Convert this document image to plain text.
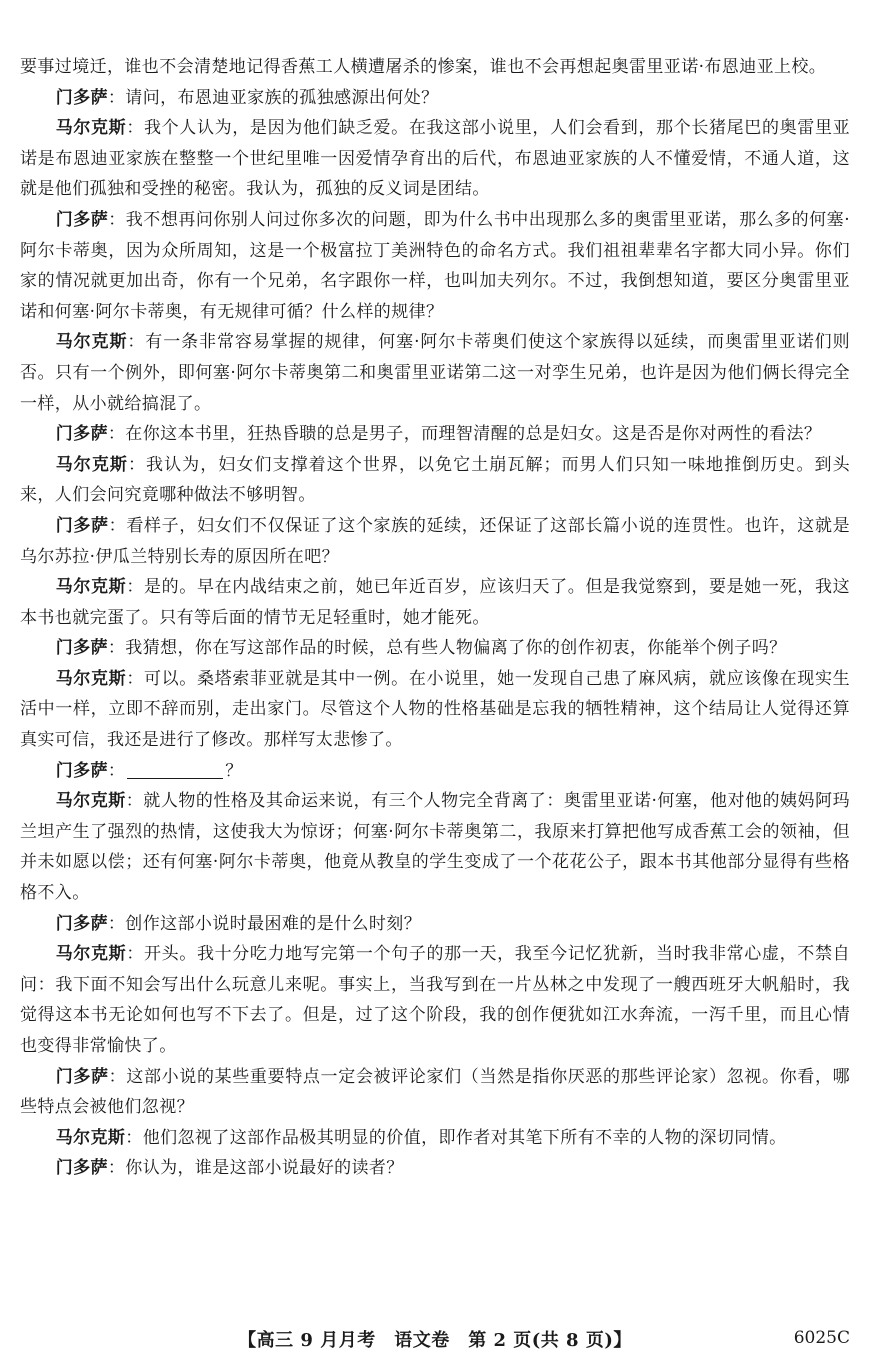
要事过境迁，谁也不会清楚地记得香蕉工人横遭屠杀的惨案，谁也不会再想起奥雷里亚诺·布恩迪亚上校。

门多萨：请问，布恩迪亚家族的孤独感源出何处？

马尔克斯：我个人认为，是因为他们缺乏爱。在我这部小说里，人们会看到，那个长猪尾巴的奥雷里亚诺是布恩迪亚家族在整整一个世纪里唯一因爱情孕育出的后代，布恩迪亚家族的人不懂爱情，不通人道，这就是他们孤独和受挫的秘密。我认为，孤独的反义词是团结。

门多萨：我不想再问你别人问过你多次的问题，即为什么书中出现那么多的奥雷里亚诺，那么多的何塞·阿尔卡蒂奥，因为众所周知，这是一个极富拉丁美洲特色的命名方式。我们祖祖辈辈名字都大同小异。你们家的情况就更加出奇，你有一个兄弟，名字跟你一样，也叫加夫列尔。不过，我倒想知道，要区分奥雷里亚诺和何塞·阿尔卡蒂奥，有无规律可循？什么样的规律？

马尔克斯：有一条非常容易掌握的规律，何塞·阿尔卡蒂奥们使这个家族得以延续，而奥雷里亚诺们则否。只有一个例外，即何塞·阿尔卡蒂奥第二和奥雷里亚诺第二这一对孪生兄弟，也许是因为他们俩长得完全一样，从小就给搞混了。

门多萨：在你这本书里，狂热昏聩的总是男子，而理智清醒的总是妇女。这是否是你对两性的看法？

马尔克斯：我认为，妇女们支撑着这个世界，以免它土崩瓦解；而男人们只知一味地推倒历史。到头来，人们会问究竟哪种做法不够明智。

门多萨：看样子，妇女们不仅保证了这个家族的延续，还保证了这部长篇小说的连贯性。也许，这就是乌尔苏拉·伊瓜兰特别长寿的原因所在吧？

马尔克斯：是的。早在内战结束之前，她已年近百岁，应该归天了。但是我觉察到，要是她一死，我这本书也就完蛋了。只有等后面的情节无足轻重时，她才能死。

门多萨：我猜想，你在写这部作品的时候，总有些人物偏离了你的创作初衷，你能举个例子吗？

马尔克斯：可以。桑塔索菲亚就是其中一例。在小说里，她一发现自己患了麻风病，就应该像在现实生活中一样，立即不辞而别，走出家门。尽管这个人物的性格基础是忘我的牺牲精神，这个结局让人觉得还算真实可信，我还是进行了修改。那样写太悲惨了。

门多萨：	？

马尔克斯：就人物的性格及其命运来说，有三个人物完全背离了：奥雷里亚诺·何塞，他对他的姨妈阿玛兰坦产生了强烈的热情，这使我大为惊讶；何塞·阿尔卡蒂奥第二，我原来打算把他写成香蕉工会的领袖，但并未如愿以偿；还有何塞·阿尔卡蒂奥，他竟从教皇的学生变成了一个花花公子，跟本书其他部分显得有些格格不入。

门多萨：创作这部小说时最困难的是什么时刻？

马尔克斯：开头。我十分吃力地写完第一个句子的那一天，我至今记忆犹新，当时我非常心虚，不禁自问：我下面不知会写出什么玩意儿来呢。事实上，当我写到在一片丛林之中发现了一艘西班牙大帆船时，我觉得这本书无论如何也写不下去了。但是，过了这个阶段，我的创作便犹如江水奔流，一泻千里，而且心情也变得非常愉快了。

门多萨：这部小说的某些重要特点一定会被评论家们（当然是指你厌恶的那些评论家）忽视。你看，哪些特点会被他们忽视？

马尔克斯：他们忽视了这部作品极其明显的价值，即作者对其笔下所有不幸的人物的深切同情。

门多萨：你认为，谁是这部小说最好的读者？

【高三 9 月月考　语文卷　第 2 页(共 8 页)】	6025C
